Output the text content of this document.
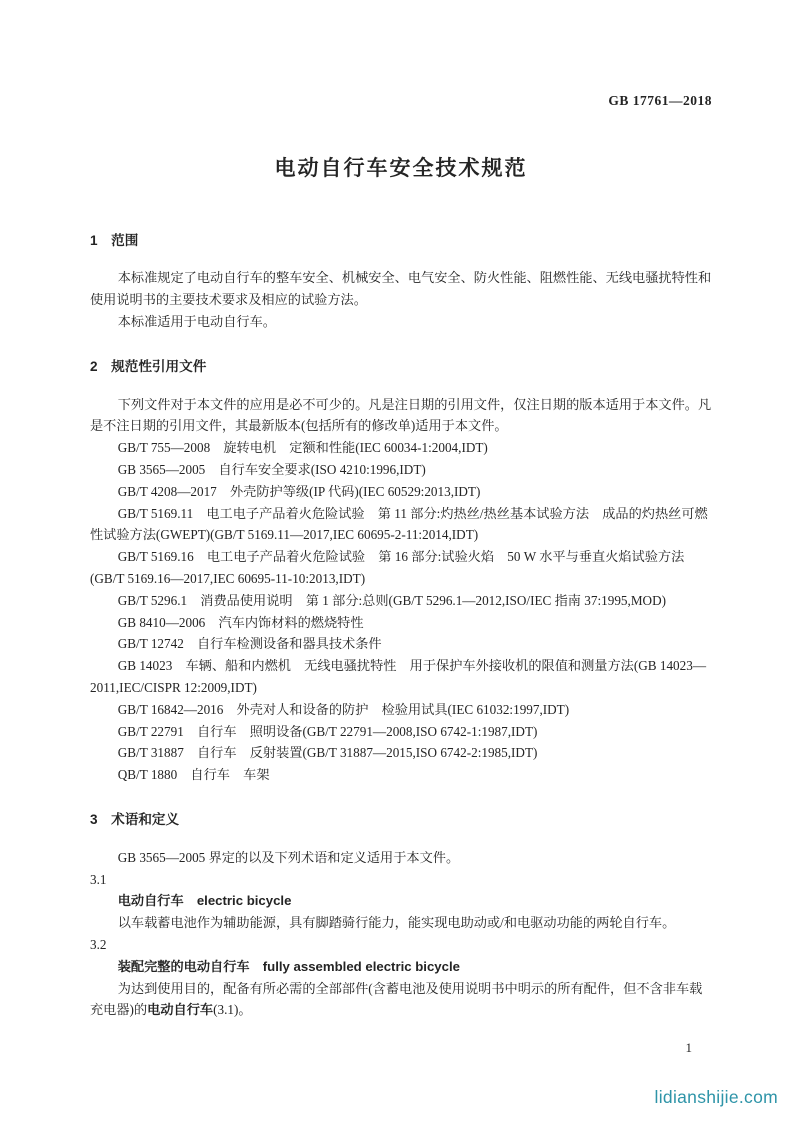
GB 17761—2018
电动自行车安全技术规范
1　范围

本标准规定了电动自行车的整车安全、机械安全、电气安全、防火性能、阻燃性能、无线电骚扰特性和使用说明书的主要技术要求及相应的试验方法。

本标准适用于电动自行车。

2　规范性引用文件

下列文件对于本文件的应用是必不可少的。凡是注日期的引用文件，仅注日期的版本适用于本文件。凡是不注日期的引用文件，其最新版本(包括所有的修改单)适用于本文件。

GB/T 755—2008　旋转电机　定额和性能(IEC 60034-1:2004,IDT)

GB 3565—2005　自行车安全要求(ISO 4210:1996,IDT)

GB/T 4208—2017　外壳防护等级(IP 代码)(IEC 60529:2013,IDT)

GB/T 5169.11　电工电子产品着火危险试验　第 11 部分:灼热丝/热丝基本试验方法　成品的灼热丝可燃性试验方法(GWEPT)(GB/T 5169.11—2017,IEC 60695-2-11:2014,IDT)

GB/T 5169.16　电工电子产品着火危险试验　第 16 部分:试验火焰　50 W 水平与垂直火焰试验方法(GB/T 5169.16—2017,IEC 60695-11-10:2013,IDT)

GB/T 5296.1　消费品使用说明　第 1 部分:总则(GB/T 5296.1—2012,ISO/IEC 指南 37:1995,MOD)

GB 8410—2006　汽车内饰材料的燃烧特性

GB/T 12742　自行车检测设备和器具技术条件

GB 14023　车辆、船和内燃机　无线电骚扰特性　用于保护车外接收机的限值和测量方法(GB 14023—2011,IEC/CISPR 12:2009,IDT)

GB/T 16842—2016　外壳对人和设备的防护　检验用试具(IEC 61032:1997,IDT)

GB/T 22791　自行车　照明设备(GB/T 22791—2008,ISO 6742-1:1987,IDT)

GB/T 31887　自行车　反射装置(GB/T 31887—2015,ISO 6742-2:1985,IDT)

QB/T 1880　自行车　车架

3　术语和定义

GB 3565—2005 界定的以及下列术语和定义适用于本文件。

3.1

电动自行车　electric bicycle

以车载蓄电池作为辅助能源，具有脚踏骑行能力，能实现电助动或/和电驱动功能的两轮自行车。

3.2

装配完整的电动自行车　fully assembled electric bicycle

为达到使用目的，配备有所必需的全部部件(含蓄电池及使用说明书中明示的所有配件，但不含非车载充电器)的电动自行车(3.1)。

1
lidianshijie.com
